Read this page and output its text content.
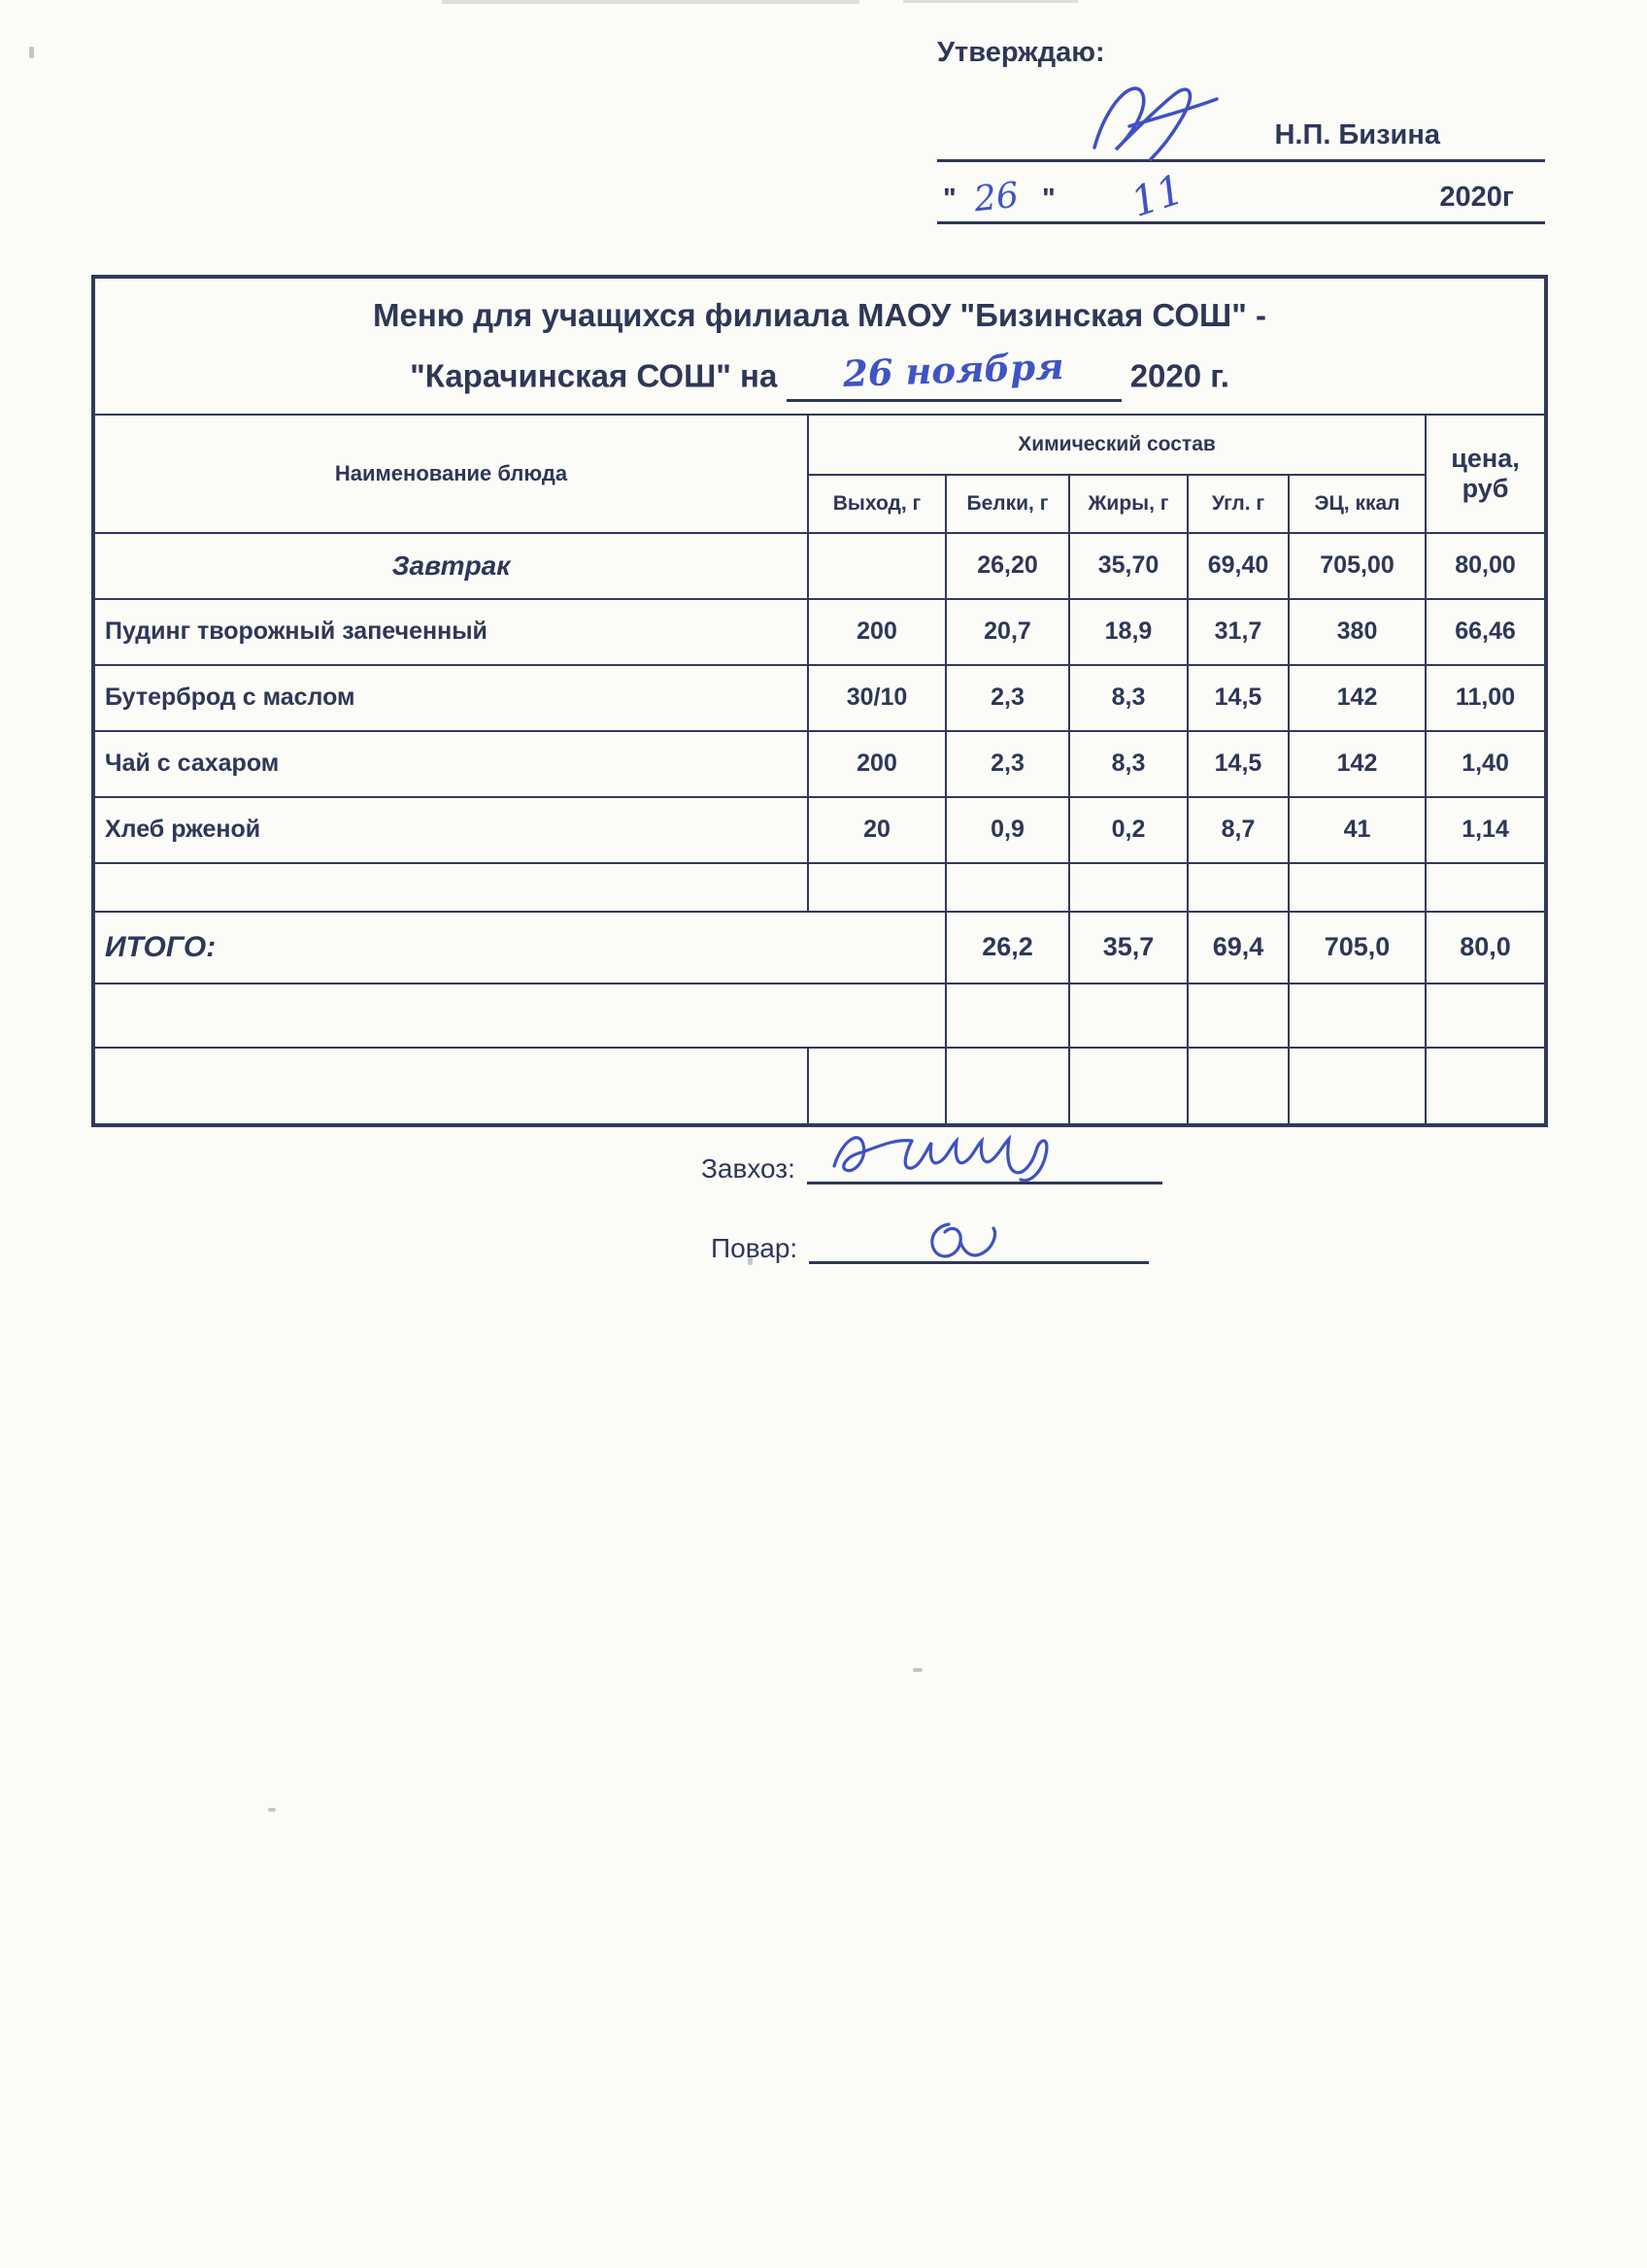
Утверждаю:
Н.П. Бизина
" 26 " 11	2020г
Меню для учащихся филиала МАОУ "Бизинская СОШ" -
"Карачинская СОШ" на 26 ноября 2020 г.						

Наименование блюда	Химический состав					цена, руб
	Выход, г	Белки, г	Жиры, г	Угл. г	ЭЦ, ккал	
Завтрак		26,20	35,70	69,40	705,00	80,00
Пудинг творожный запеченный	200	20,7	18,9	31,7	380	66,46
Бутерброд с маслом	30/10	2,3	8,3	14,5	142	11,00
Чай с сахаром	200	2,3	8,3	14,5	142	1,40
Хлеб рженой	20	0,9	0,2	8,7	41	1,14

ИТОГО:		26,2	35,7	69,4	705,0	80,0

Завхоз:
Повар:
